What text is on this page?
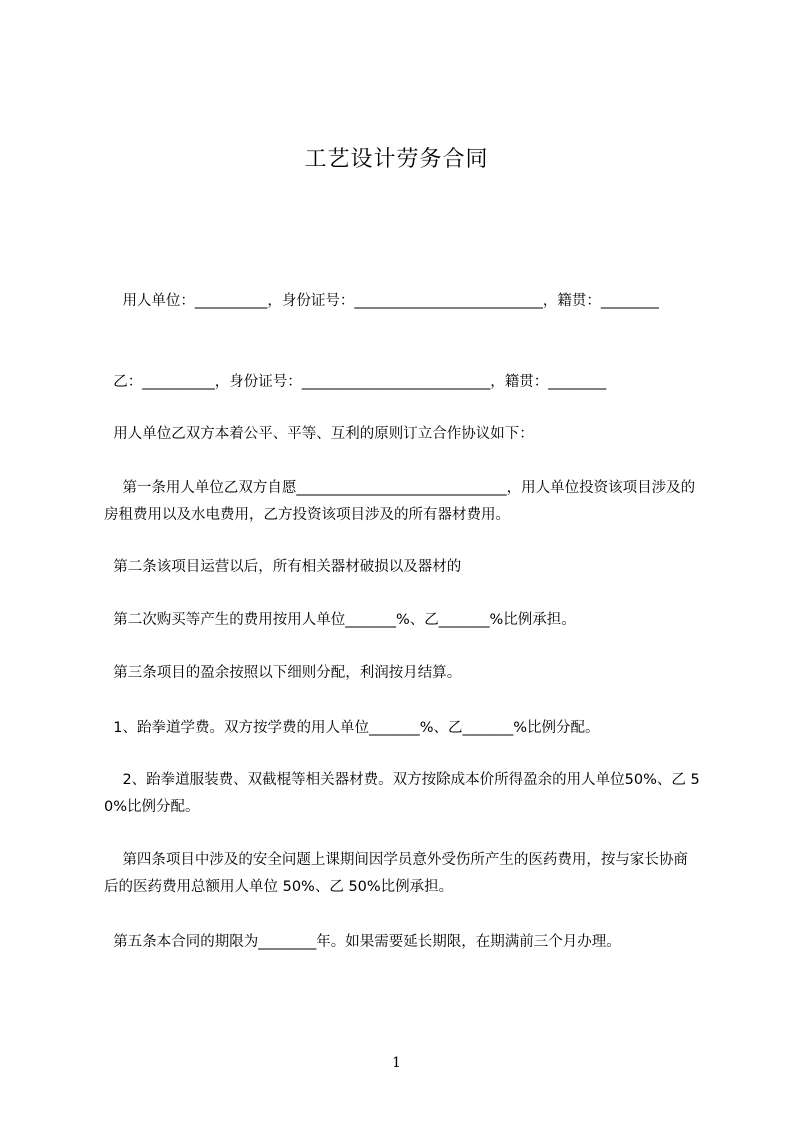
工艺设计劳务合同
用人单位：__________，身份证号：__________________________，籍贯：________
乙：__________，身份证号：__________________________，籍贯：________
用人单位乙双方本着公平、平等、互利的原则订立合作协议如下：
第一条用人单位乙双方自愿_____________________________，用人单位投资该项目涉及的房租费用以及水电费用，乙方投资该项目涉及的所有器材费用。
第二条该项目运营以后，所有相关器材破损以及器材的
第二次购买等产生的费用按用人单位_______%、乙_______%比例承担。
第三条项目的盈余按照以下细则分配，利润按月结算。
1、跆拳道学费。双方按学费的用人单位_______%、乙_______%比例分配。
2、跆拳道服装费、双截棍等相关器材费。双方按除成本价所得盈余的用人单位50%、乙 50%比例分配。
第四条项目中涉及的安全问题上课期间因学员意外受伤所产生的医药费用，按与家长协商后的医药费用总额用人单位 50%、乙 50%比例承担。
第五条本合同的期限为________年。如果需要延长期限，在期满前三个月办理。
1
